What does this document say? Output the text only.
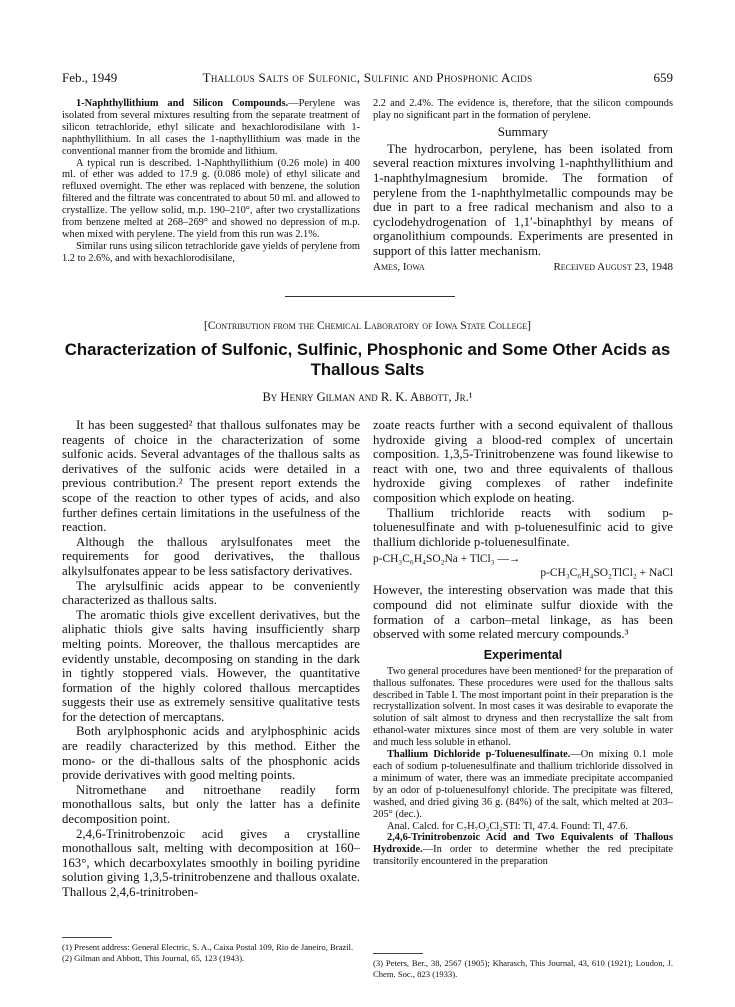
Feb., 1949	Thallous Salts of Sulfonic, Sulfinic and Phosphonic Acids	659

1-Naphthyllithium and Silicon Compounds.—Perylene was isolated from several mixtures resulting from the separate treatment of silicon tetrachloride, ethyl silicate and hexachlorodisilane with 1-naphthyllithium. In all cases the 1-napthyllithium was made in the conventional manner from the bromide and lithium.

A typical run is described. 1-Naphthyllithium (0.26 mole) in 400 ml. of ether was added to 17.9 g. (0.086 mole) of ethyl silicate and refluxed overnight. The ether was replaced with benzene, the solution filtered and the filtrate was concentrated to about 50 ml. and allowed to crystallize. The yellow solid, m.p. 190–210°, after two crystallizations from benzene melted at 268–269° and showed no depression of m.p. when mixed with perylene. The yield from this run was 2.1%.

Similar runs using silicon tetrachloride gave yields of perylene from 1.2 to 2.6%, and with hexachlorodisilane,

2.2 and 2.4%. The evidence is, therefore, that the silicon compounds play no significant part in the formation of perylene.

Summary

The hydrocarbon, perylene, has been isolated from several reaction mixtures involving 1-naphthyllithium and 1-naphthylmagnesium bromide. The formation of perylene from the 1-naphthylmetallic compounds may be due in part to a free radical mechanism and also to a cyclodehydrogenation of 1,1′-binaphthyl by means of organolithium compounds. Experiments are presented in support of this latter mechanism.

Ames, Iowa	Received August 23, 1948
[Contribution from the Chemical Laboratory of Iowa State College]
Characterization of Sulfonic, Sulfinic, Phosphonic and Some Other Acids as Thallous Salts
By Henry Gilman and R. K. Abbott, Jr.¹

It has been suggested² that thallous sulfonates may be reagents of choice in the characterization of some sulfonic acids. Several advantages of the thallous salts as derivatives of the sulfonic acids were detailed in a previous contribution.² The present report extends the scope of the reaction to other types of acids, and also further defines certain limitations in the usefulness of the reaction.

Although the thallous arylsulfonates meet the requirements for good derivatives, the thallous alkylsulfonates appear to be less satisfactory derivatives.

The arylsulfinic acids appear to be conveniently characterized as thallous salts.

The aromatic thiols give excellent derivatives, but the aliphatic thiols give salts having insufficiently sharp melting points. Moreover, the thallous mercaptides are evidently unstable, decomposing on standing in the dark in tightly stoppered vials. However, the quantitative formation of the highly colored thallous mercaptides suggests their use as extremely sensitive qualitative tests for the detection of mercaptans.

Both arylphosphonic acids and arylphosphinic acids are readily characterized by this method. Either the mono- or the di-thallous salts of the phosphonic acids provide derivatives with good melting points.

Nitromethane and nitroethane readily form monothallous salts, but only the latter has a definite decomposition point.

2,4,6-Trinitrobenzoic acid gives a crystalline monothallous salt, melting with decomposition at 160–163°, which decarboxylates smoothly in boiling pyridine solution giving 1,3,5-trinitrobenzene and thallous oxalate. Thallous 2,4,6-trinitroben-

(1) Present address: General Electric, S. A., Caixa Postal 109, Rio de Janeiro, Brazil.

(2) Gilman and Abbott, This Journal, 65, 123 (1943).

zoate reacts further with a second equivalent of thallous hydroxide giving a blood-red complex of uncertain composition. 1,3,5-Trinitrobenzene was found likewise to react with one, two and three equivalents of thallous hydroxide giving complexes of rather indefinite composition which explode on heating.

Thallium trichloride reacts with sodium p-toluenesulfinate and with p-toluenesulfinic acid to give thallium dichloride p-toluenesulfinate.

p-CH₃C₆H₄SO₂Na + TlCl₃ —→
p-CH₃C₆H₄SO₂TlCl₂ + NaCl

However, the interesting observation was made that this compound did not eliminate sulfur dioxide with the formation of a carbon–metal linkage, as has been observed with some related mercury compounds.³

Experimental

Two general procedures have been mentioned² for the preparation of thallous sulfonates. These procedures were used for the thallous salts described in Table I. The most important point in their preparation is the recrystallization solvent. In most cases it was desirable to evaporate the solution of salt almost to dryness and then recrystallize the salt from ethanol-water mixtures since most of them are very soluble in water and much less soluble in ethanol.

Thallium Dichloride p-Toluenesulfinate.—On mixing 0.1 mole each of sodium p-toluenesulfinate and thallium trichloride dissolved in a minimum of water, there was an immediate precipitate accompanied by an odor of p-toluenesulfonyl chloride. The precipitate was filtered, washed, and dried giving 36 g. (84%) of the salt, which melted at 203–205° (dec.).

Anal. Calcd. for C₇H₇O₂Cl₂STl: Tl, 47.4. Found: Tl, 47.6.

2,4,6-Trinitrobenzoic Acid and Two Equivalents of Thallous Hydroxide.—In order to determine whether the red precipitate transitorily encountered in the preparation

(3) Peters, Ber., 38, 2567 (1905); Kharasch, This Journal, 43, 610 (1921); Loudon, J. Chem. Soc., 823 (1933).
